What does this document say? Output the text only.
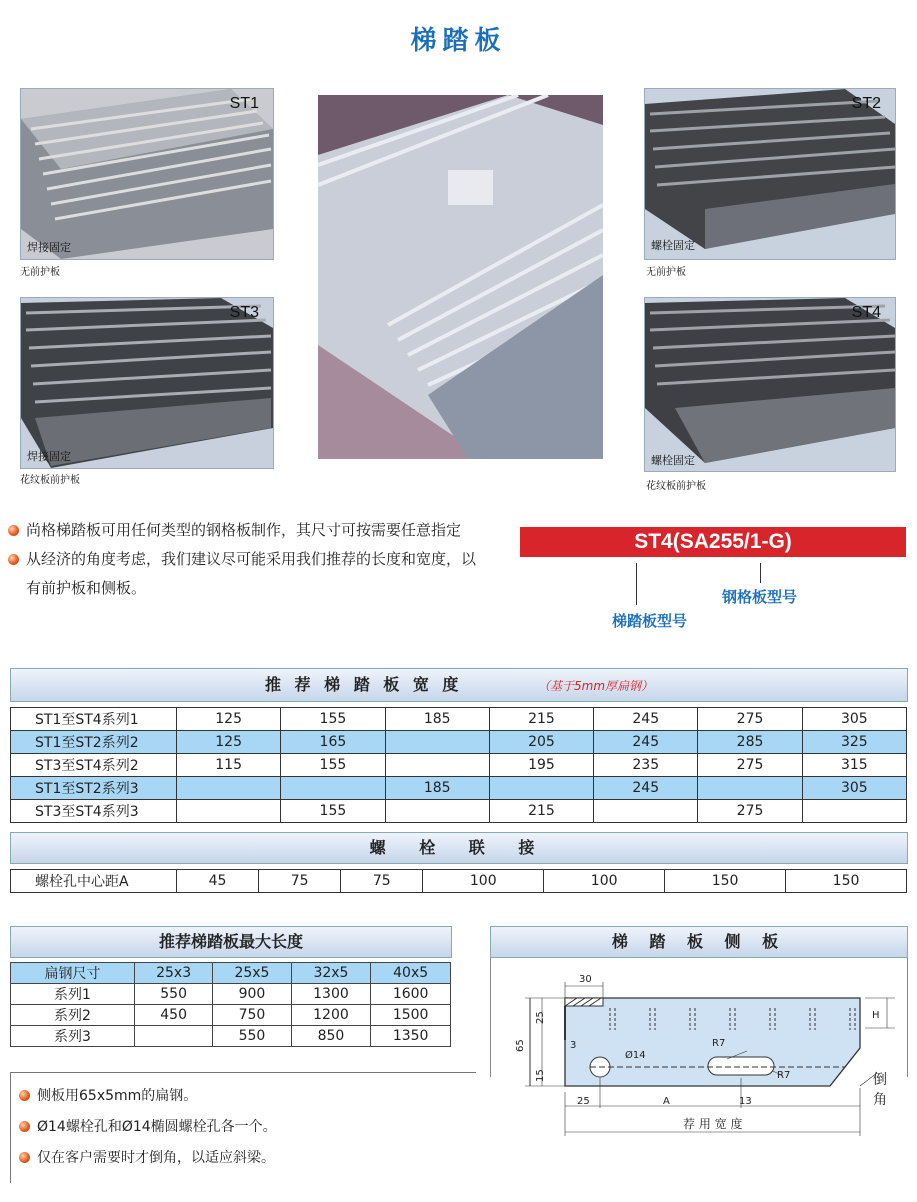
梯踏板
ST1
焊接固定
无前护板
ST3
焊接固定
花纹板前护板
ST2
螺栓固定
无前护板
ST4
螺栓固定
花纹板前护板
尚格梯踏板可用任何类型的钢格板制作，其尺寸可按需要任意指定
从经济的角度考虑，我们建议尽可能采用我们推荐的长度和宽度，以有前护板和侧板。
ST4(SA255/1-G)
钢格板型号
梯踏板型号
推 荐 梯 踏 板 宽 度	（基于5mm厚扁钢）
ST1至ST4系列1	125	155	185	215	245	275	305
ST1至ST2系列2	125	165		205	245	285	325
ST3至ST4系列2	115	155		195	235	275	315
ST1至ST2系列3			185		245		305
ST3至ST4系列3		155		215		275	
螺 栓 联 接
螺栓孔中心距A	45	75	75	100	100	150	150
推荐梯踏板最大长度
扁钢尺寸	25x3	25x5	32x5	40x5
系列1	550	900	1300	1600
系列2	450	750	1200	1500
系列3		550	850	1350
梯 踏 板 侧 板
30
25
65
15
3
Ø14
R7
R7
25	A	13
H
荐 用 宽 度
倒角
侧板用65x5mm的扁钢。
Ø14螺栓孔和Ø14椭圆螺栓孔各一个。
仅在客户需要时才倒角，以适应斜梁。
